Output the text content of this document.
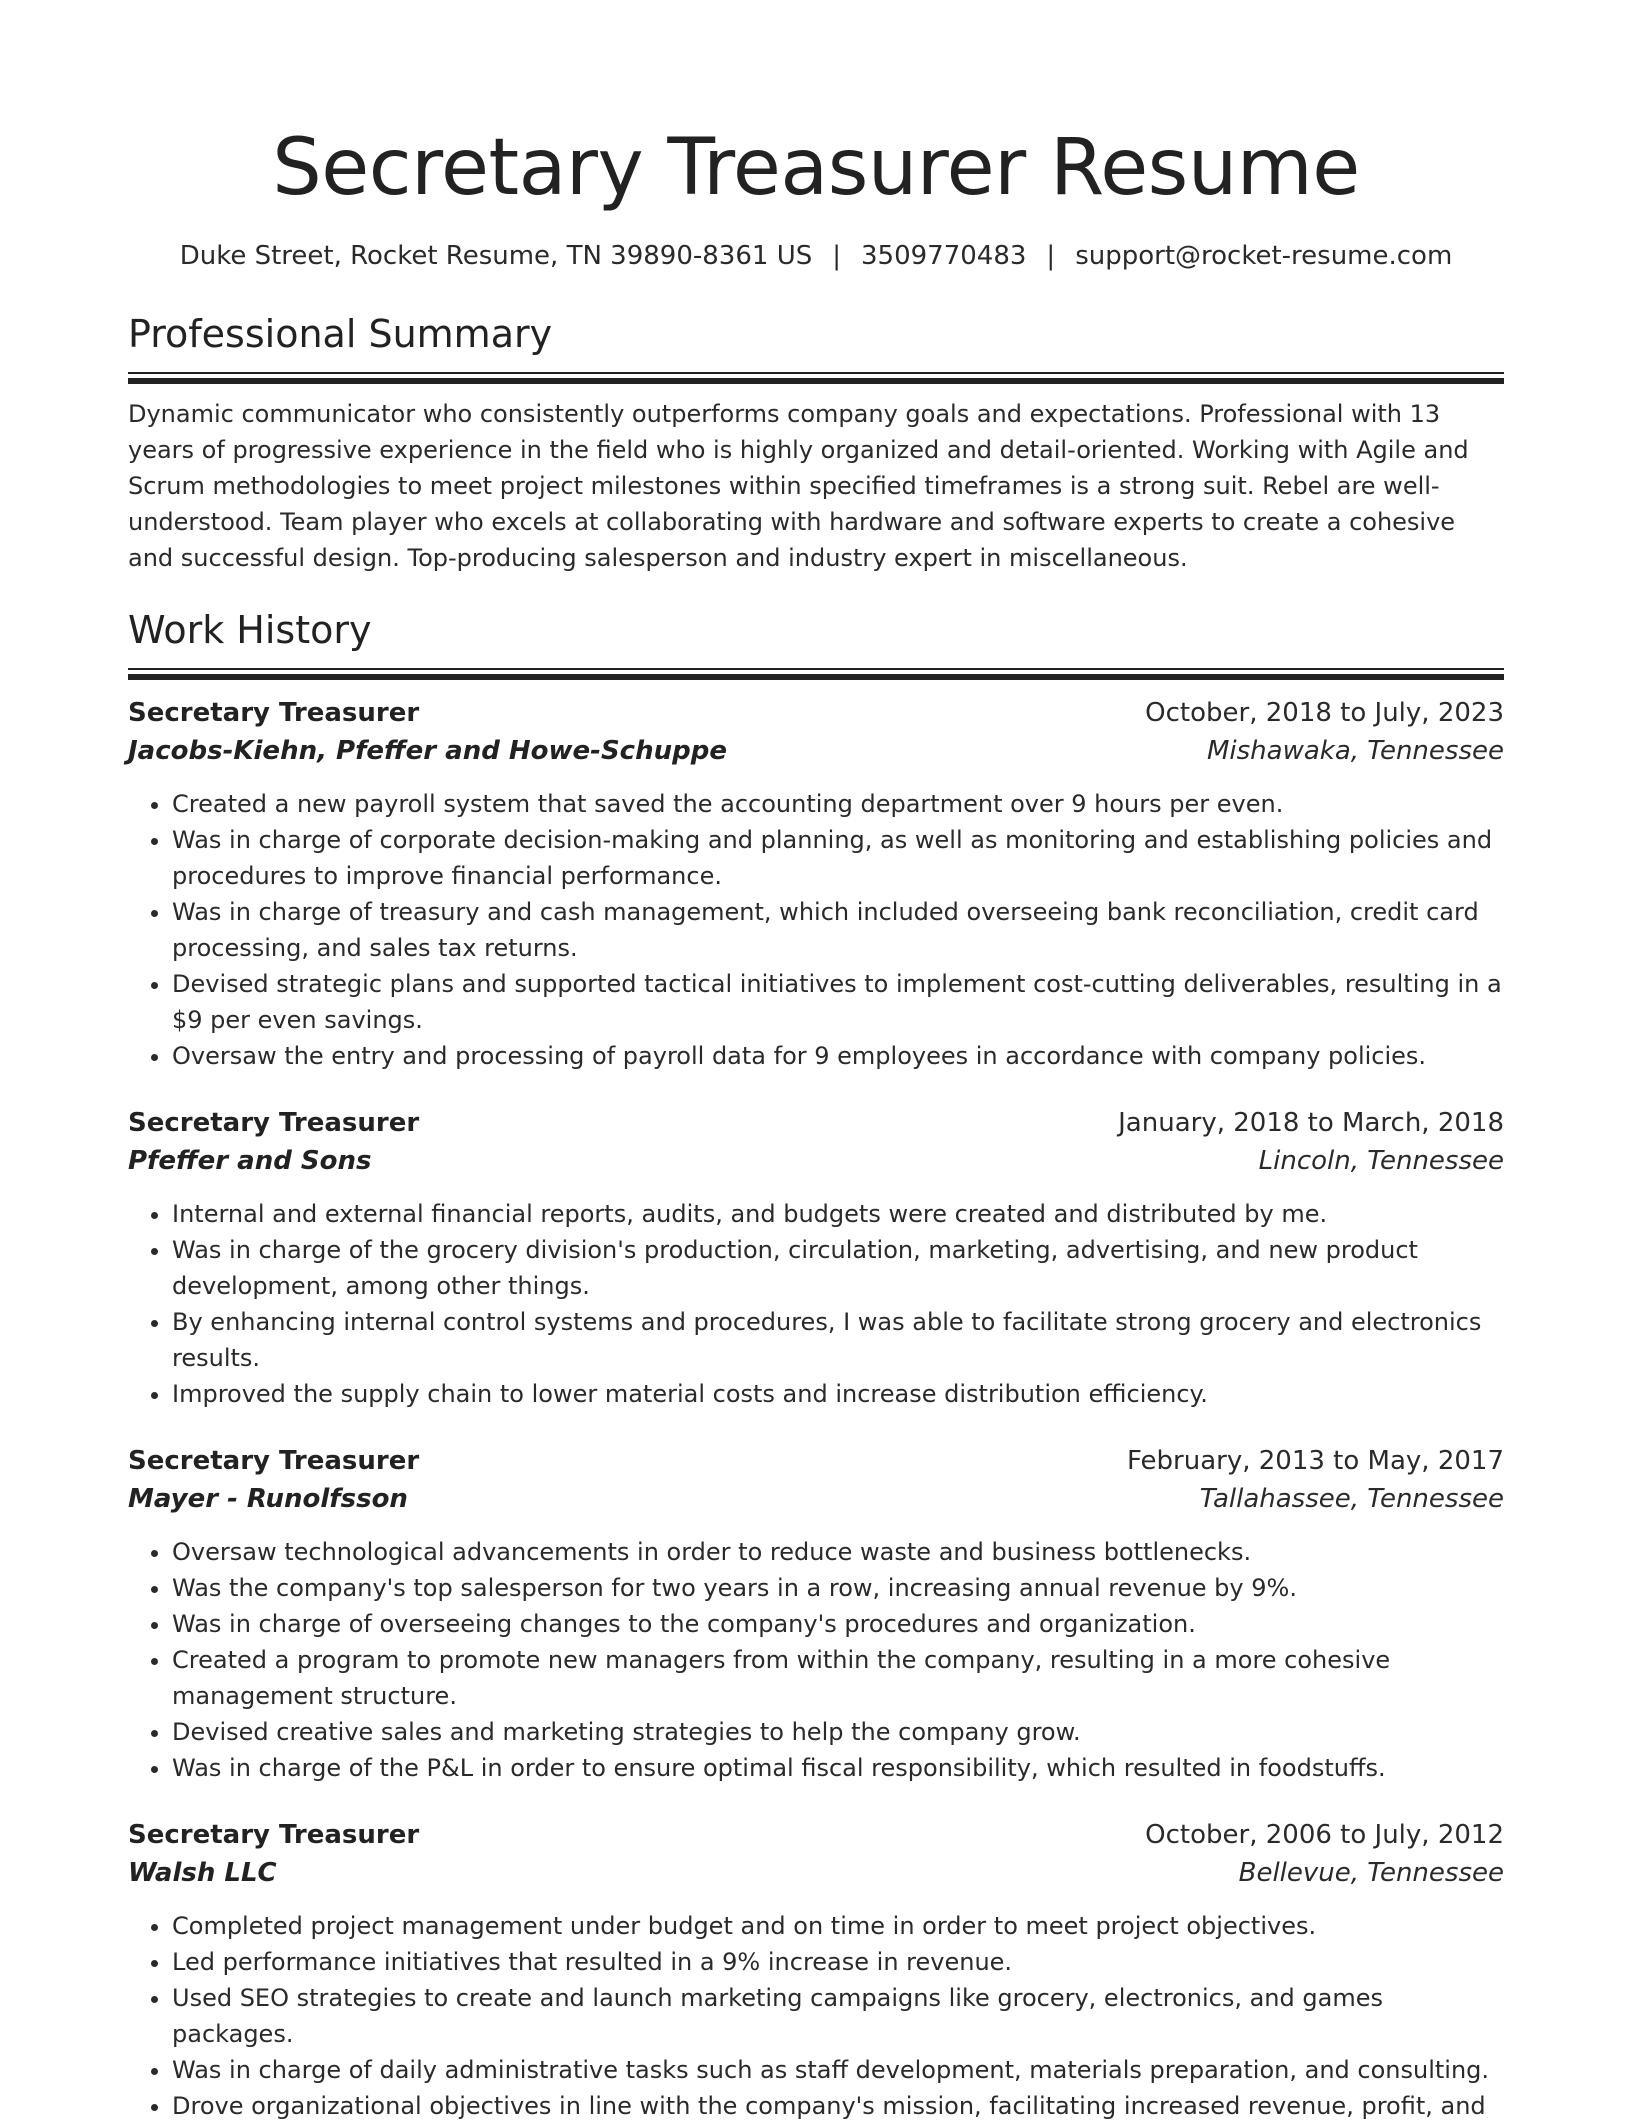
Secretary Treasurer Resume
Duke Street, Rocket Resume, TN 39890-8361 US | 3509770483 | support@rocket-resume.com
Professional Summary

Dynamic communicator who consistently outperforms company goals and expectations. Professional with 13 years of progressive experience in the field who is highly organized and detail-oriented. Working with Agile and Scrum methodologies to meet project milestones within specified timeframes is a strong suit. Rebel are well-understood. Team player who excels at collaborating with hardware and software experts to create a cohesive and successful design. Top-producing salesperson and industry expert in miscellaneous.

Work History
Secretary Treasurer	October, 2018 to July, 2023
Jacobs-Kiehn, Pfeffer and Howe-Schuppe	Mishawaka, Tennessee
• Created a new payroll system that saved the accounting department over 9 hours per even.
• Was in charge of corporate decision-making and planning, as well as monitoring and establishing policies and procedures to improve financial performance.
• Was in charge of treasury and cash management, which included overseeing bank reconciliation, credit card processing, and sales tax returns.
• Devised strategic plans and supported tactical initiatives to implement cost-cutting deliverables, resulting in a $9 per even savings.
• Oversaw the entry and processing of payroll data for 9 employees in accordance with company policies.
Secretary Treasurer	January, 2018 to March, 2018
Pfeffer and Sons	Lincoln, Tennessee
• Internal and external financial reports, audits, and budgets were created and distributed by me.
• Was in charge of the grocery division's production, circulation, marketing, advertising, and new product development, among other things.
• By enhancing internal control systems and procedures, I was able to facilitate strong grocery and electronics results.
• Improved the supply chain to lower material costs and increase distribution efficiency.
Secretary Treasurer	February, 2013 to May, 2017
Mayer - Runolfsson	Tallahassee, Tennessee
• Oversaw technological advancements in order to reduce waste and business bottlenecks.
• Was the company's top salesperson for two years in a row, increasing annual revenue by 9%.
• Was in charge of overseeing changes to the company's procedures and organization.
• Created a program to promote new managers from within the company, resulting in a more cohesive management structure.
• Devised creative sales and marketing strategies to help the company grow.
• Was in charge of the P&L in order to ensure optimal fiscal responsibility, which resulted in foodstuffs.
Secretary Treasurer	October, 2006 to July, 2012
Walsh LLC	Bellevue, Tennessee
• Completed project management under budget and on time in order to meet project objectives.
• Led performance initiatives that resulted in a 9% increase in revenue.
• Used SEO strategies to create and launch marketing campaigns like grocery, electronics, and games packages.
• Was in charge of daily administrative tasks such as staff development, materials preparation, and consulting.
• Drove organizational objectives in line with the company's mission, facilitating increased revenue, profit, and
